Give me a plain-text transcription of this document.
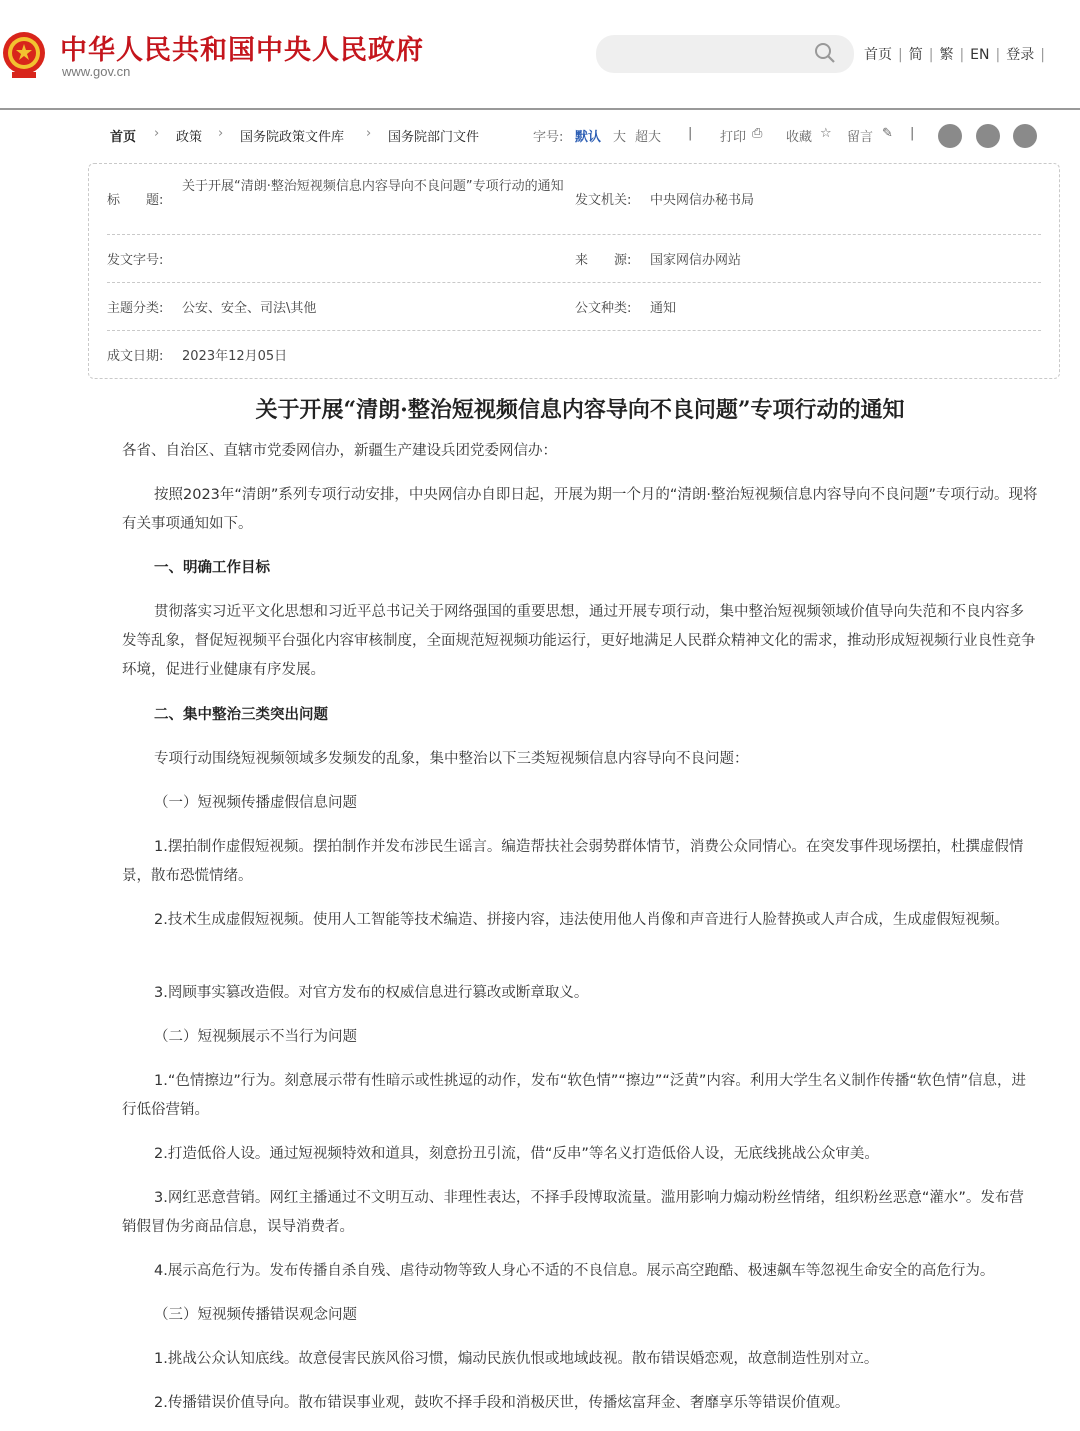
中华人民共和国中央人民政府
www.gov.cn
首页 | 简 | 繁 | EN | 登录 |
首页 › 政策 › 国务院政策文件库 › 国务院部门文件	字号: 默认 大 超大 | 打印 ⎙ 收藏 ☆ 留言 ✎ |
标　　题:
关于开展“清朗·整治短视频信息内容导向不良问题”专项行动的通知
发文机关: 中央网信办秘书局
发文字号:	来　　源: 国家网信办网站
主题分类: 公安、安全、司法\其他	公文种类: 通知
成文日期: 2023年12月05日
关于开展“清朗·整治短视频信息内容导向不良问题”专项行动的通知

各省、自治区、直辖市党委网信办，新疆生产建设兵团党委网信办：

按照2023年“清朗”系列专项行动安排，中央网信办自即日起，开展为期一个月的“清朗·整治短视频信息内容导向不良问题”专项行动。现将有关事项通知如下。

一、明确工作目标

贯彻落实习近平文化思想和习近平总书记关于网络强国的重要思想，通过开展专项行动，集中整治短视频领域价值导向失范和不良内容多发等乱象，督促短视频平台强化内容审核制度，全面规范短视频功能运行，更好地满足人民群众精神文化的需求，推动形成短视频行业良性竞争环境，促进行业健康有序发展。

二、集中整治三类突出问题

专项行动围绕短视频领域多发频发的乱象，集中整治以下三类短视频信息内容导向不良问题：

（一）短视频传播虚假信息问题

1.摆拍制作虚假短视频。摆拍制作并发布涉民生谣言。编造帮扶社会弱势群体情节，消费公众同情心。在突发事件现场摆拍，杜撰虚假情景，散布恐慌情绪。

2.技术生成虚假短视频。使用人工智能等技术编造、拼接内容，违法使用他人肖像和声音进行人脸替换或人声合成，生成虚假短视频。

3.罔顾事实篡改造假。对官方发布的权威信息进行篡改或断章取义。

（二）短视频展示不当行为问题

1.“色情擦边”行为。刻意展示带有性暗示或性挑逗的动作，发布“软色情”“擦边”“泛黄”内容。利用大学生名义制作传播“软色情”信息，进行低俗营销。

2.打造低俗人设。通过短视频特效和道具，刻意扮丑引流，借“反串”等名义打造低俗人设，无底线挑战公众审美。

3.网红恶意营销。网红主播通过不文明互动、非理性表达，不择手段博取流量。滥用影响力煽动粉丝情绪，组织粉丝恶意“灌水”。发布营销假冒伪劣商品信息，误导消费者。

4.展示高危行为。发布传播自杀自残、虐待动物等致人身心不适的不良信息。展示高空跑酷、极速飙车等忽视生命安全的高危行为。

（三）短视频传播错误观念问题

1.挑战公众认知底线。故意侵害民族风俗习惯，煽动民族仇恨或地域歧视。散布错误婚恋观，故意制造性别对立。

2.传播错误价值导向。散布错误事业观，鼓吹不择手段和消极厌世，传播炫富拜金、奢靡享乐等错误价值观。
